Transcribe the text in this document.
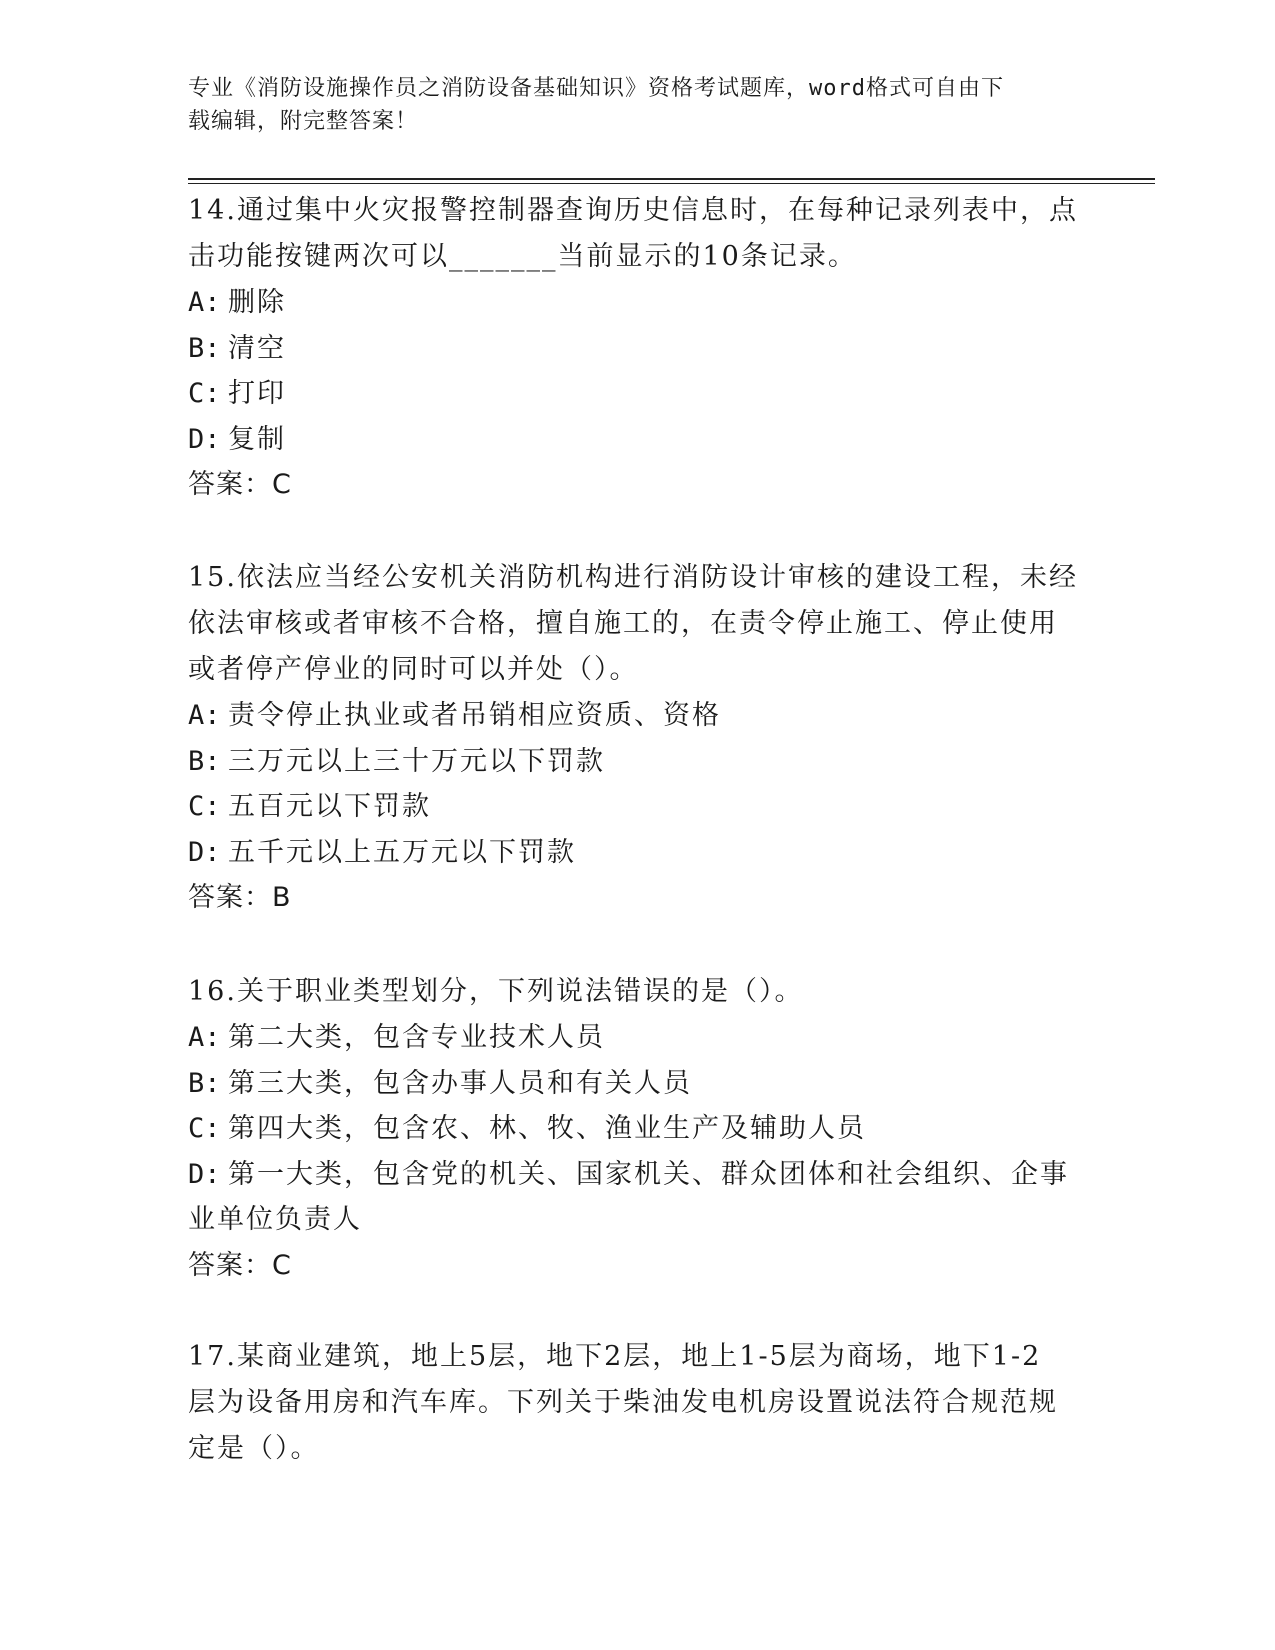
专业《消防设施操作员之消防设备基础知识》资格考试题库，word格式可自由下
载编辑，附完整答案！

14.通过集中火灾报警控制器查询历史信息时，在每种记录列表中，点

击功能按键两次可以_______当前显示的10条记录。

A: 删除

B: 清空

C: 打印

D: 复制

答案：C

15.依法应当经公安机关消防机构进行消防设计审核的建设工程，未经

依法审核或者审核不合格，擅自施工的，在责令停止施工、停止使用

或者停产停业的同时可以并处（）。

A: 责令停止执业或者吊销相应资质、资格

B: 三万元以上三十万元以下罚款

C: 五百元以下罚款

D: 五千元以上五万元以下罚款

答案：B

16.关于职业类型划分，下列说法错误的是（）。

A: 第二大类，包含专业技术人员

B: 第三大类，包含办事人员和有关人员

C: 第四大类，包含农、林、牧、渔业生产及辅助人员

D: 第一大类，包含党的机关、国家机关、群众团体和社会组织、企事

业单位负责人

答案：C

17.某商业建筑，地上5层，地下2层，地上1-5层为商场，地下1-2

层为设备用房和汽车库。下列关于柴油发电机房设置说法符合规范规

定是（）。
